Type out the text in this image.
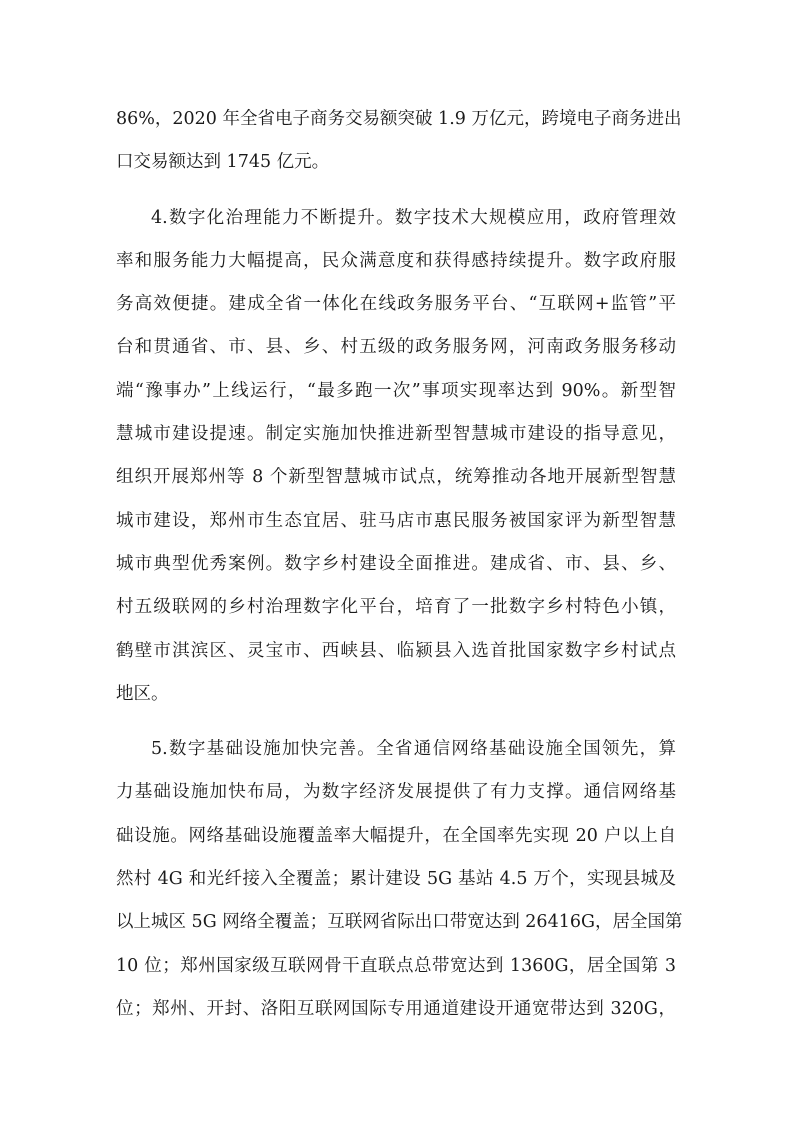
86%，2020 年全省电子商务交易额突破 1.9 万亿元，跨境电子商务进出
口交易额达到 1745 亿元。
4.数字化治理能力不断提升。数字技术大规模应用，政府管理效
率和服务能力大幅提高，民众满意度和获得感持续提升。数字政府服
务高效便捷。建成全省一体化在线政务服务平台、“互联网+监管”平
台和贯通省、市、县、乡、村五级的政务服务网，河南政务服务移动
端“豫事办”上线运行，“最多跑一次”事项实现率达到 90%。新型智
慧城市建设提速。制定实施加快推进新型智慧城市建设的指导意见，
组织开展郑州等 8 个新型智慧城市试点，统筹推动各地开展新型智慧
城市建设，郑州市生态宜居、驻马店市惠民服务被国家评为新型智慧
城市典型优秀案例。数字乡村建设全面推进。建成省、市、县、乡、
村五级联网的乡村治理数字化平台，培育了一批数字乡村特色小镇，
鹤壁市淇滨区、灵宝市、西峡县、临颍县入选首批国家数字乡村试点
地区。
5.数字基础设施加快完善。全省通信网络基础设施全国领先，算
力基础设施加快布局，为数字经济发展提供了有力支撑。通信网络基
础设施。网络基础设施覆盖率大幅提升，在全国率先实现 20 户以上自
然村 4G 和光纤接入全覆盖；累计建设 5G 基站 4.5 万个，实现县城及
以上城区 5G 网络全覆盖；互联网省际出口带宽达到 26416G，居全国第
10 位；郑州国家级互联网骨干直联点总带宽达到 1360G，居全国第 3
位；郑州、开封、洛阳互联网国际专用通道建设开通宽带达到 320G，
